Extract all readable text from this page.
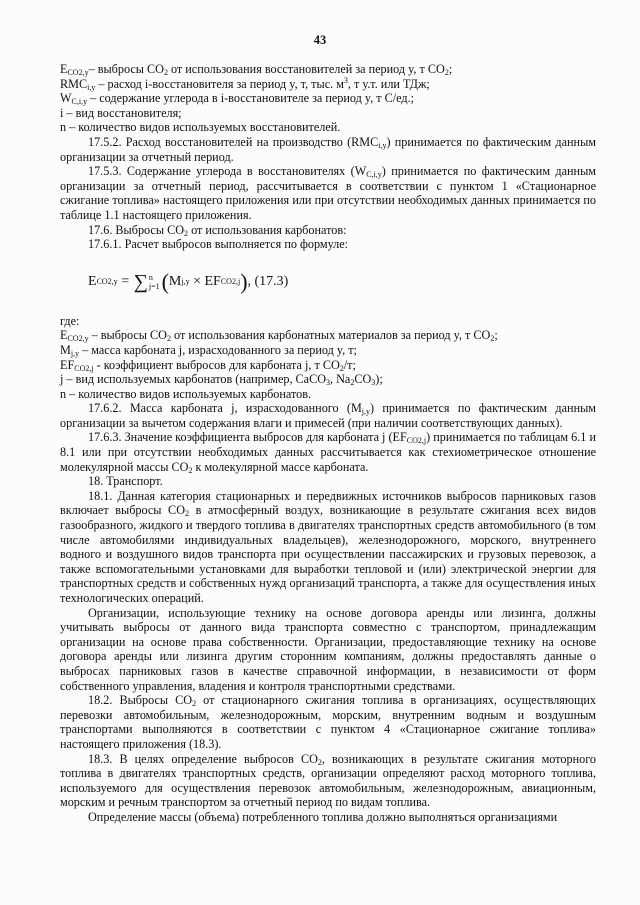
43

$E_{CO2,y}-$ выбросы $CO_2$ от использования восстановителей за период y, т $CO_2$;

$RMC_{i,y}$ – расход i-восстановителя за период y, т, тыс. $м^3$, т у.т. или ТДж;

$W_{C,i,y}$ – содержание углерода в i-восстановителе за период y, т С/ед.;

i – вид восстановителя;

n – количество видов используемых восстановителей.

17.5.2. Расход восстановителей на производство $(RMC_{i,y})$ принимается по фактическим данным организации за отчетный период.

17.5.3. Содержание углерода в восстановителях $(W_{C,i,y})$ принимается по фактическим данным организации за отчетный период, рассчитывается в соответствии с пунктом 1 «Стационарное сжигание топлива» настоящего приложения или при отсутствии необходимых данных принимается по таблице 1.1 настоящего приложения.

17.6. Выбросы $CO_2$ от использования карбонатов:

17.6.1. Расчет выбросов выполняется по формуле:

E CO2,y = ∑ n
j=1 ( M j,y × EF CO2,j ) , (17.3)

где:

$E_{CO2,y}$ – выбросы $CO_2$ от использования карбонатных материалов за период y, т $CO_2$;

$M_{j,y}$ – масса карбоната j, израсходованного за период y, т;

$EF_{CO2,j}$ - коэффициент выбросов для карбоната j, т $CO_2/т$;

j – вид используемых карбонатов (например, CaCO$_3$, $Na_2CO_3$);

n – количество видов используемых карбонатов.

17.6.2. Масса карбоната j, израсходованного $(M_{j,y})$ принимается по фактическим данным организации за вычетом содержания влаги и примесей (при наличии соответствующих данных).

17.6.3. Значение коэффициента выбросов для карбоната j $(EF_{CO2,j})$ принимается по таблицам 6.1 и 8.1 или при отсутствии необходимых данных рассчитывается как стехиометрическое отношение молекулярной массы $CO_2$ к молекулярной массе карбоната.

18. Транспорт.

18.1. Данная категория стационарных и передвижных источников выбросов парниковых газов включает выбросы $CO_2$ в атмосферный воздух, возникающие в результате сжигания всех видов газообразного, жидкого и твердого топлива в двигателях транспортных средств автомобильного (в том числе автомобилями индивидуальных владельцев), железнодорожного, морского, внутреннего водного и воздушного видов транспорта при осуществлении пассажирских и грузовых перевозок, а также вспомогательными установками для выработки тепловой и (или) электрической энергии для транспортных средств и собственных нужд организаций транспорта, а также для осуществления иных технологических операций.

Организации, использующие технику на основе договора аренды или лизинга, должны учитывать выбросы от данного вида транспорта совместно с транспортом, принадлежащим организации на основе права собственности. Организации, предоставляющие технику на основе договора аренды или лизинга другим сторонним компаниям, должны предоставлять данные о выбросах парниковых газов в качестве справочной информации, в независимости от форм собственного управления, владения и контроля транспортными средствами.

18.2. Выбросы $CO_2$ от стационарного сжигания топлива в организациях, осуществляющих перевозки автомобильным, железнодорожным, морским, внутренним водным и воздушным транспортами выполняются в соответствии с пунктом 4 «Стационарное сжигание топлива» настоящего приложения (18.3).

18.3. В целях определение выбросов $CO_2$, возникающих в результате сжигания моторного топлива в двигателях транспортных средств, организации определяют расход моторного топлива, используемого для осуществления перевозок автомобильным, железнодорожным, авиационным, морским и речным транспортом за отчетный период по видам топлива.

Определение массы (объема) потребленного топлива должно выполняться организациями
